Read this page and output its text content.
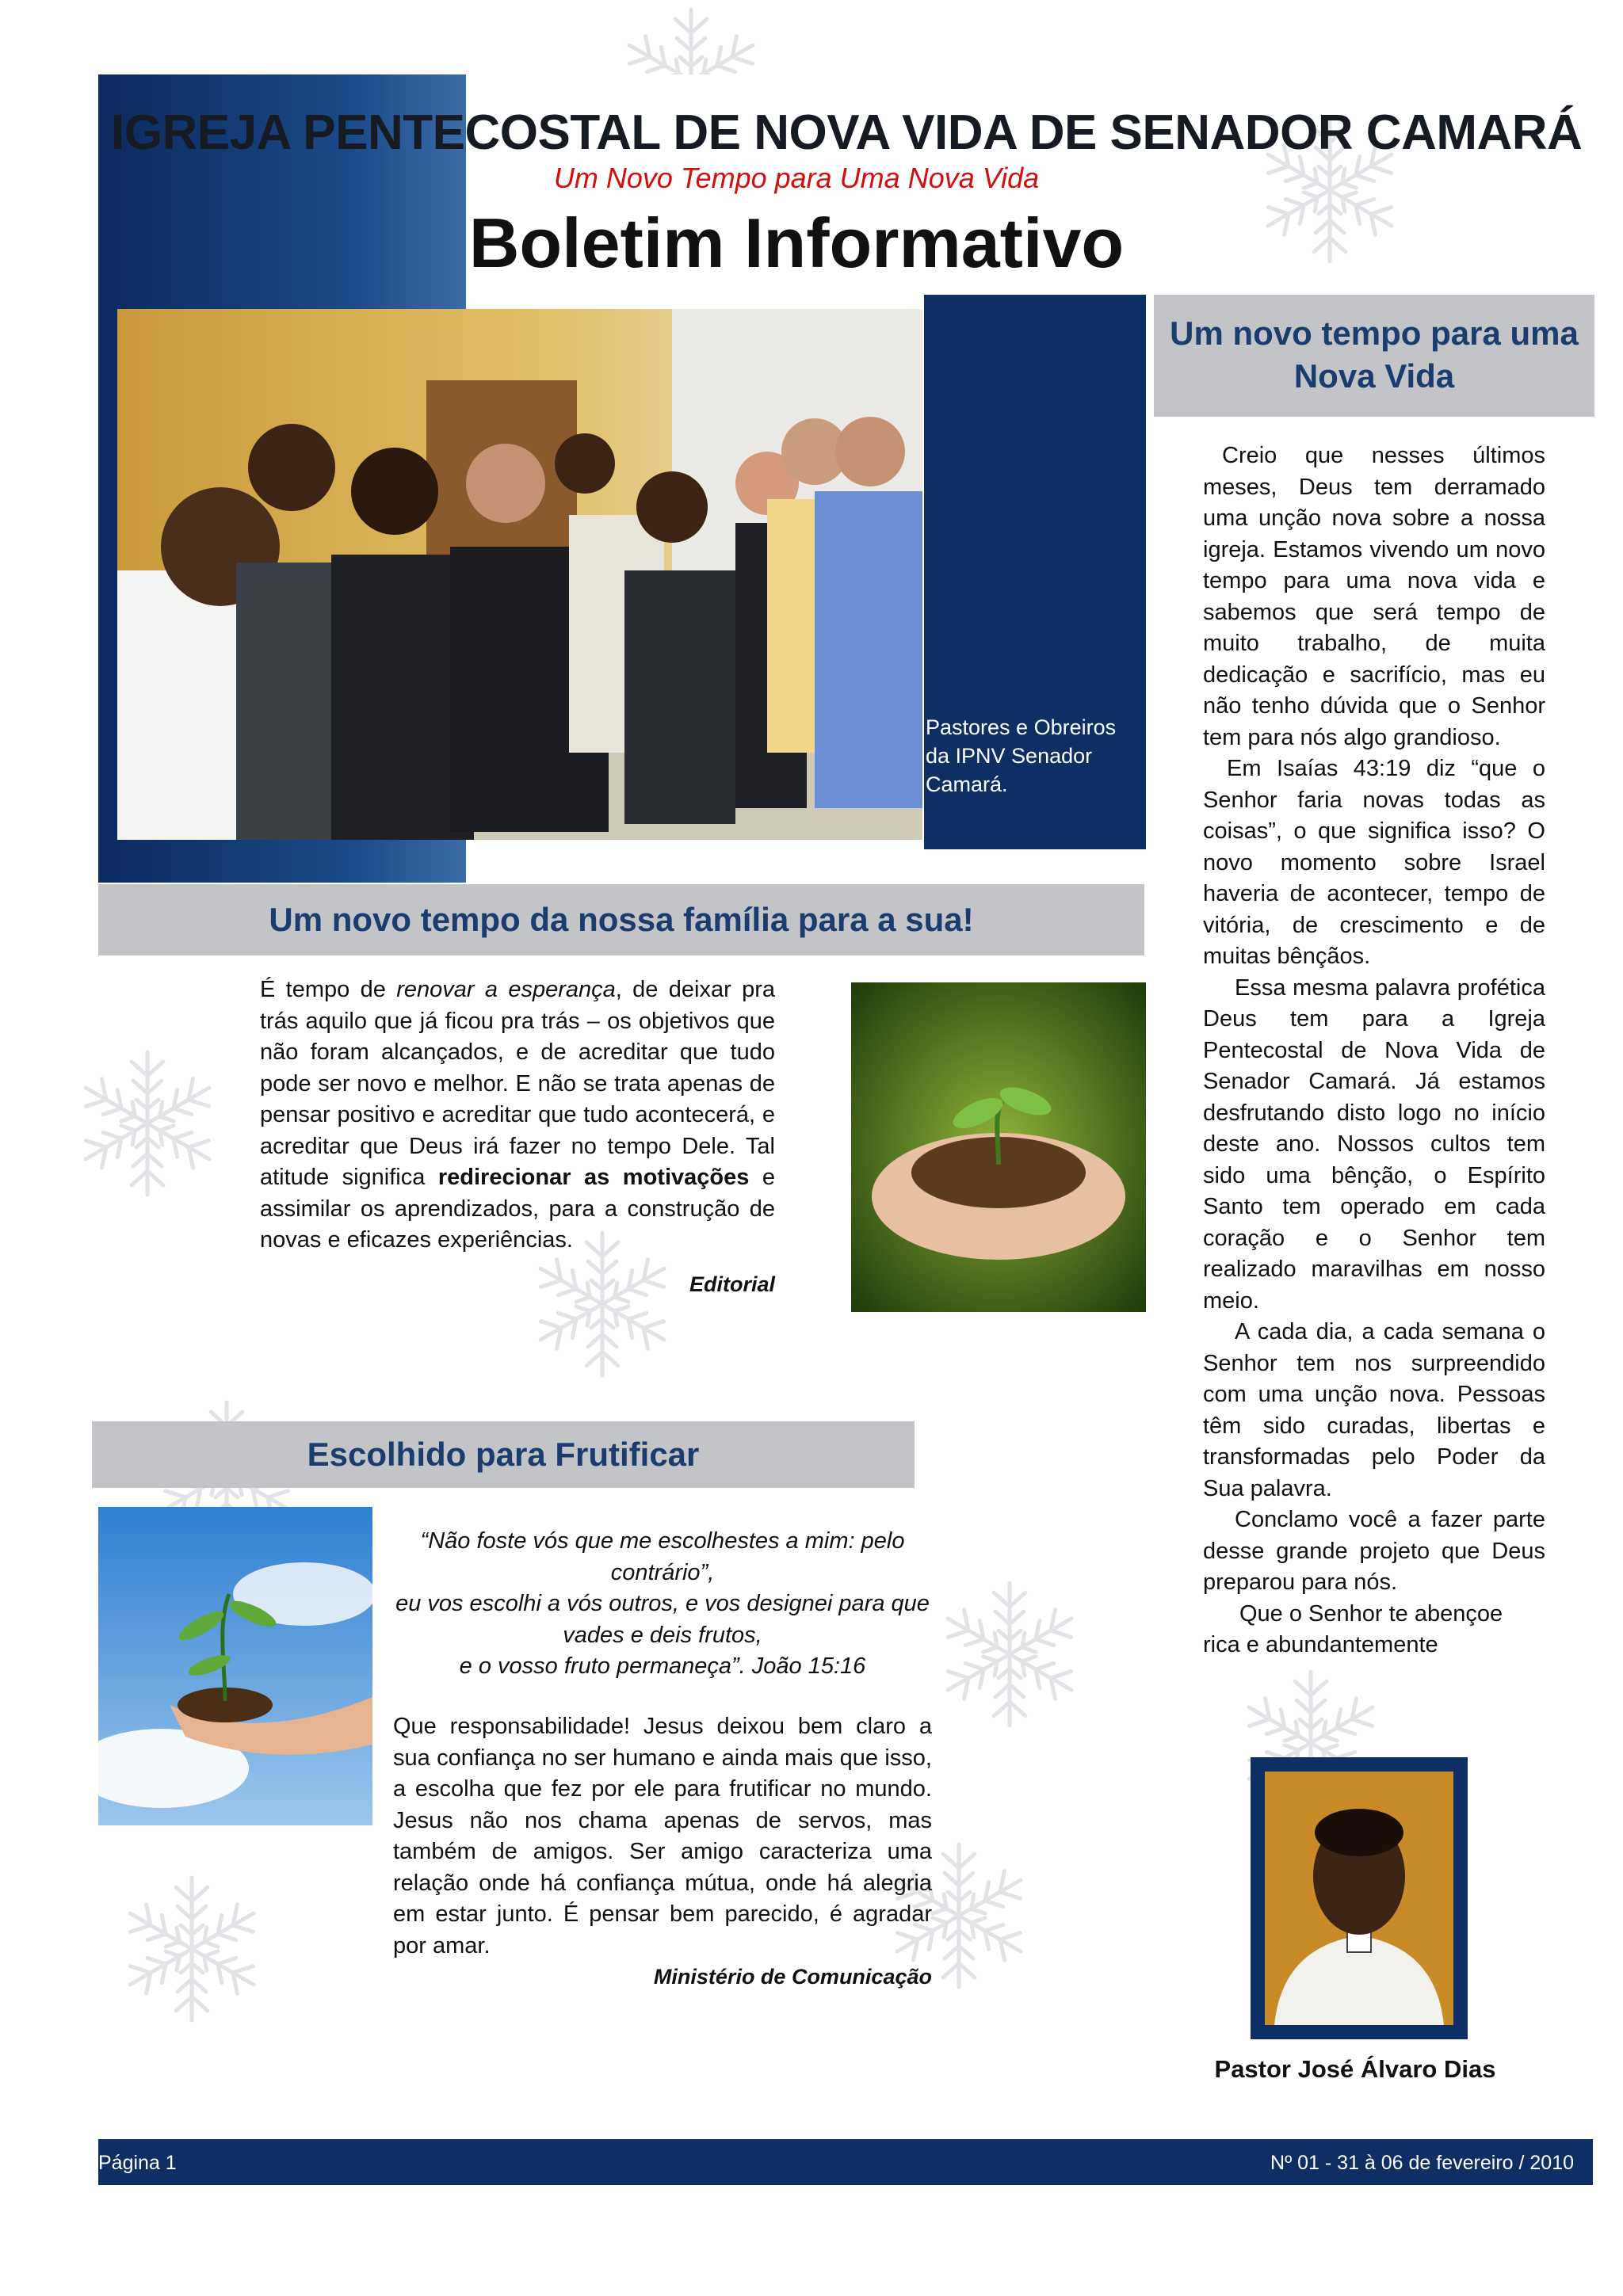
IGREJA PENTECOSTAL DE NOVA VIDA DE SENADOR CAMARÁ
Um Novo Tempo para Uma Nova Vida
Boletim Informativo
Pastores e Obreiros da IPNV Senador Camará.
Um novo tempo da nossa família para a sua!
É tempo de renovar a esperança, de deixar pra trás aquilo que já ficou pra trás – os objetivos que não foram alcançados, e de acreditar que tudo pode ser novo e melhor. E não se trata apenas de pensar positivo e acreditar que tudo acontecerá, e acreditar que Deus irá fazer no tempo Dele. Tal atitude significa redirecionar as motivações e assimilar os aprendizados, para a construção de novas e eficazes experiências.
Editorial
Escolhido para Frutificar
“Não foste vós que me escolhestes a mim: pelo
contrário”,
eu vos escolhi a vós outros, e vos designei para que
vades e deis frutos,
e o vosso fruto permaneça”. João 15:16
Que responsabilidade! Jesus deixou bem claro a sua confiança no ser humano e ainda mais que isso, a escolha que fez por ele para frutificar no mundo. Jesus não nos chama apenas de servos, mas também de amigos. Ser amigo caracteriza uma relação onde há confiança mútua, onde há alegria em estar junto. É pensar bem parecido, é agradar por amar.
Ministério de Comunicação
Um novo tempo para uma
Nova Vida

Creio que nesses últimos meses, Deus tem derramado uma unção nova sobre a nossa igreja. Estamos vivendo um novo tempo para uma nova vida e sabemos que será tempo de muito trabalho, de muita dedicação e sacrifício, mas eu não tenho dúvida que o Senhor tem para nós algo grandioso.

Em Isaías 43:19 diz “que o Senhor faria novas todas as coisas”, o que significa isso? O novo momento sobre Israel haveria de acontecer, tempo de vitória, de crescimento e de muitas bênçãos.

Essa mesma palavra profética Deus tem para a Igreja Pentecostal de Nova Vida de Senador Camará. Já estamos desfrutando disto logo no início deste ano. Nossos cultos tem sido uma bênção, o Espírito Santo tem operado em cada coração e o Senhor tem realizado maravilhas em nosso meio.

A cada dia, a cada semana o Senhor tem nos surpreendido com uma unção nova. Pessoas têm sido curadas, libertas e transformadas pelo Poder da Sua palavra.

Conclamo você a fazer parte desse grande projeto que Deus preparou para nós.

Que o Senhor te abençoe rica e abundantemente

Pastor José Álvaro Dias
Página 1	Nº 01 - 31 à 06 de fevereiro / 2010
